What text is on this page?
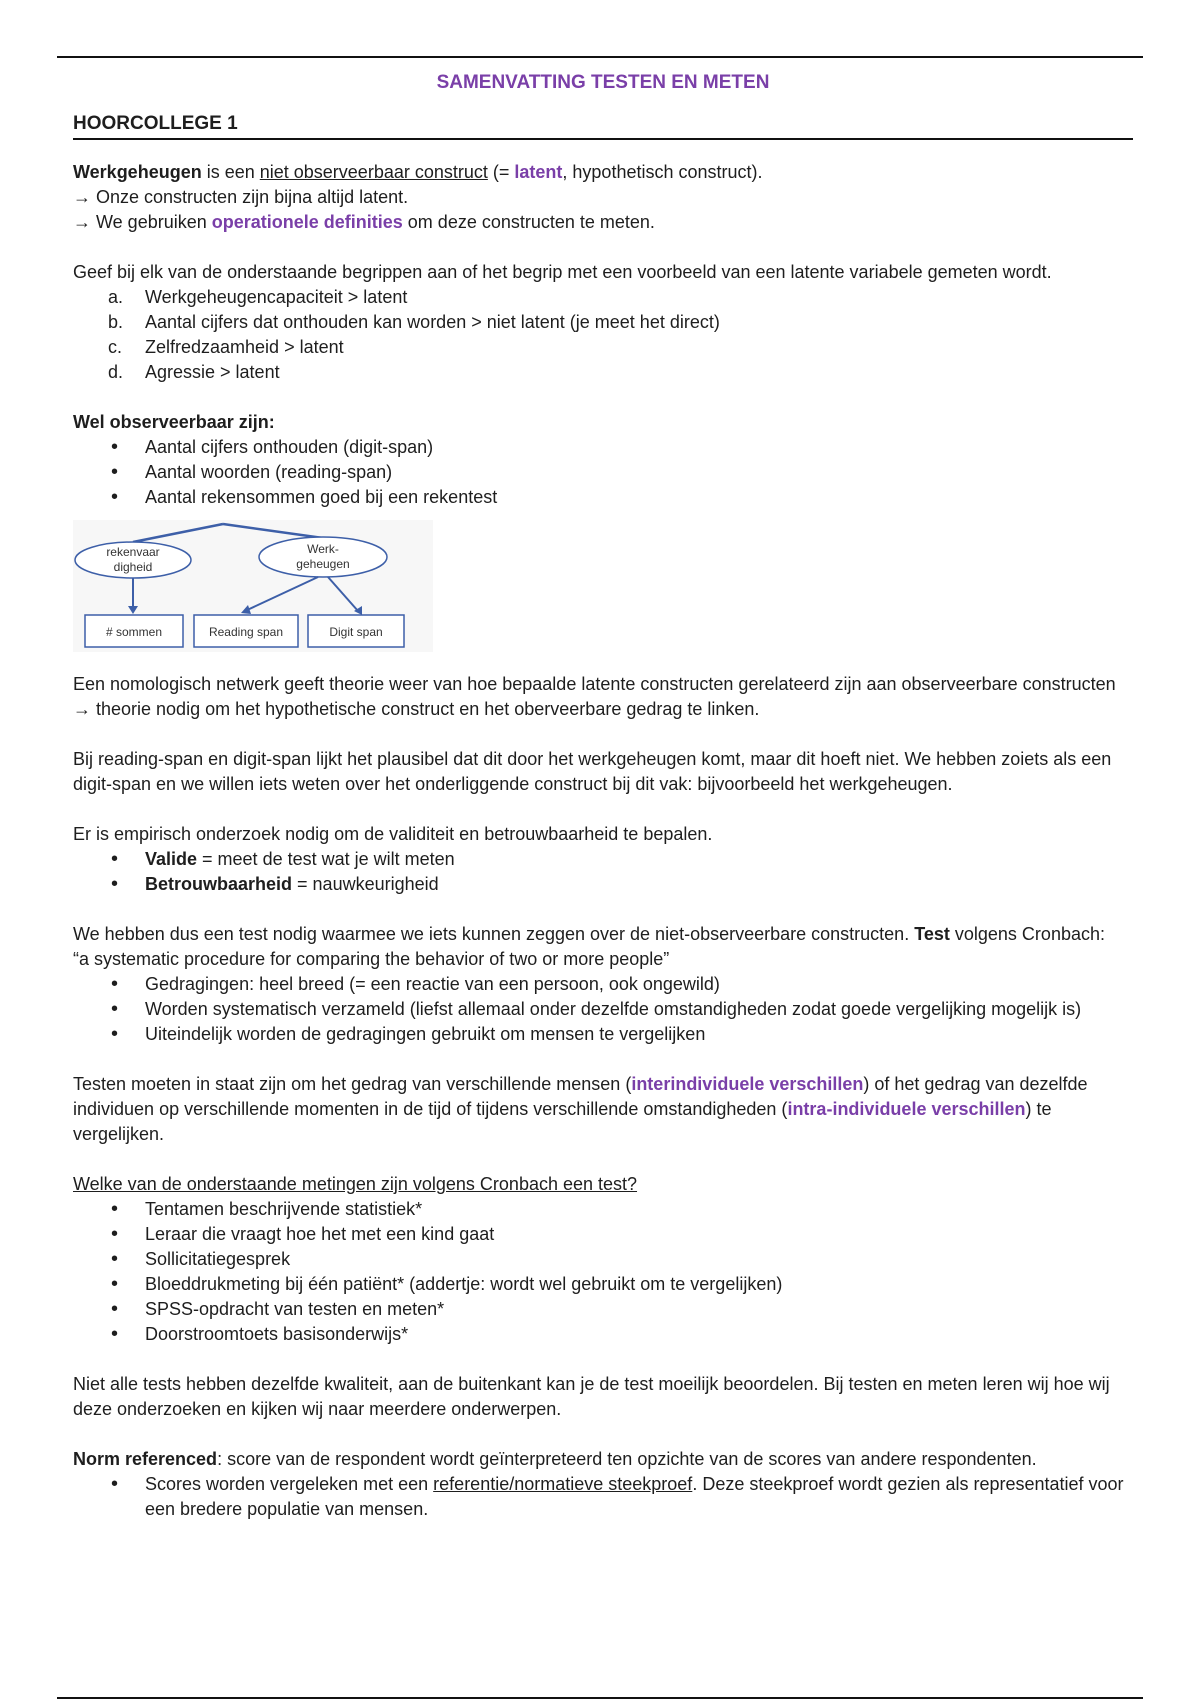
SAMENVATTING TESTEN EN METEN

HOORCOLLEGE 1

Werkgeheugen is een niet observeerbaar construct (= latent, hypothetisch construct).

→ Onze constructen zijn bijna altijd latent.

→ We gebruiken operationele definities om deze constructen te meten.

Geef bij elk van de onderstaande begrippen aan of het begrip met een voorbeeld van een latente variabele gemeten wordt.

a. Werkgeheugencapaciteit > latent
b. Aantal cijfers dat onthouden kan worden > niet latent (je meet het direct)
c. Zelfredzaamheid > latent
d. Agressie > latent

Wel observeerbaar zijn:

• Aantal cijfers onthouden (digit-span)
• Aantal woorden (reading-span)
• Aantal rekensommen goed bij een rekentest
rekenvaar
digheid
Werk-
geheugen
# sommen	Reading span	Digit span

Een nomologisch netwerk geeft theorie weer van hoe bepaalde latente constructen gerelateerd zijn aan observeerbare constructen

→ theorie nodig om het hypothetische construct en het oberveerbare gedrag te linken.

Bij reading-span en digit-span lijkt het plausibel dat dit door het werkgeheugen komt, maar dit hoeft niet. We hebben zoiets als een digit-span en we willen iets weten over het onderliggende construct bij dit vak: bijvoorbeeld het werkgeheugen.

Er is empirisch onderzoek nodig om de validiteit en betrouwbaarheid te bepalen.

• Valide = meet de test wat je wilt meten
• Betrouwbaarheid = nauwkeurigheid

We hebben dus een test nodig waarmee we iets kunnen zeggen over de niet-observeerbare constructen. Test volgens Cronbach:

“a systematic procedure for comparing the behavior of two or more people”

• Gedragingen: heel breed (= een reactie van een persoon, ook ongewild)
• Worden systematisch verzameld (liefst allemaal onder dezelfde omstandigheden zodat goede vergelijking mogelijk is)
• Uiteindelijk worden de gedragingen gebruikt om mensen te vergelijken

Testen moeten in staat zijn om het gedrag van verschillende mensen (interindividuele verschillen) of het gedrag van dezelfde individuen op verschillende momenten in de tijd of tijdens verschillende omstandigheden (intra-individuele verschillen) te vergelijken.

Welke van de onderstaande metingen zijn volgens Cronbach een test?

• Tentamen beschrijvende statistiek*
• Leraar die vraagt hoe het met een kind gaat
• Sollicitatiegesprek
• Bloeddrukmeting bij één patiënt* (addertje: wordt wel gebruikt om te vergelijken)
• SPSS-opdracht van testen en meten*
• Doorstroomtoets basisonderwijs*

Niet alle tests hebben dezelfde kwaliteit, aan de buitenkant kan je de test moeilijk beoordelen. Bij testen en meten leren wij hoe wij deze onderzoeken en kijken wij naar meerdere onderwerpen.

Norm referenced: score van de respondent wordt geïnterpreteerd ten opzichte van de scores van andere respondenten.

• Scores worden vergeleken met een referentie/normatieve steekproef. Deze steekproef wordt gezien als representatief voor een bredere populatie van mensen.
